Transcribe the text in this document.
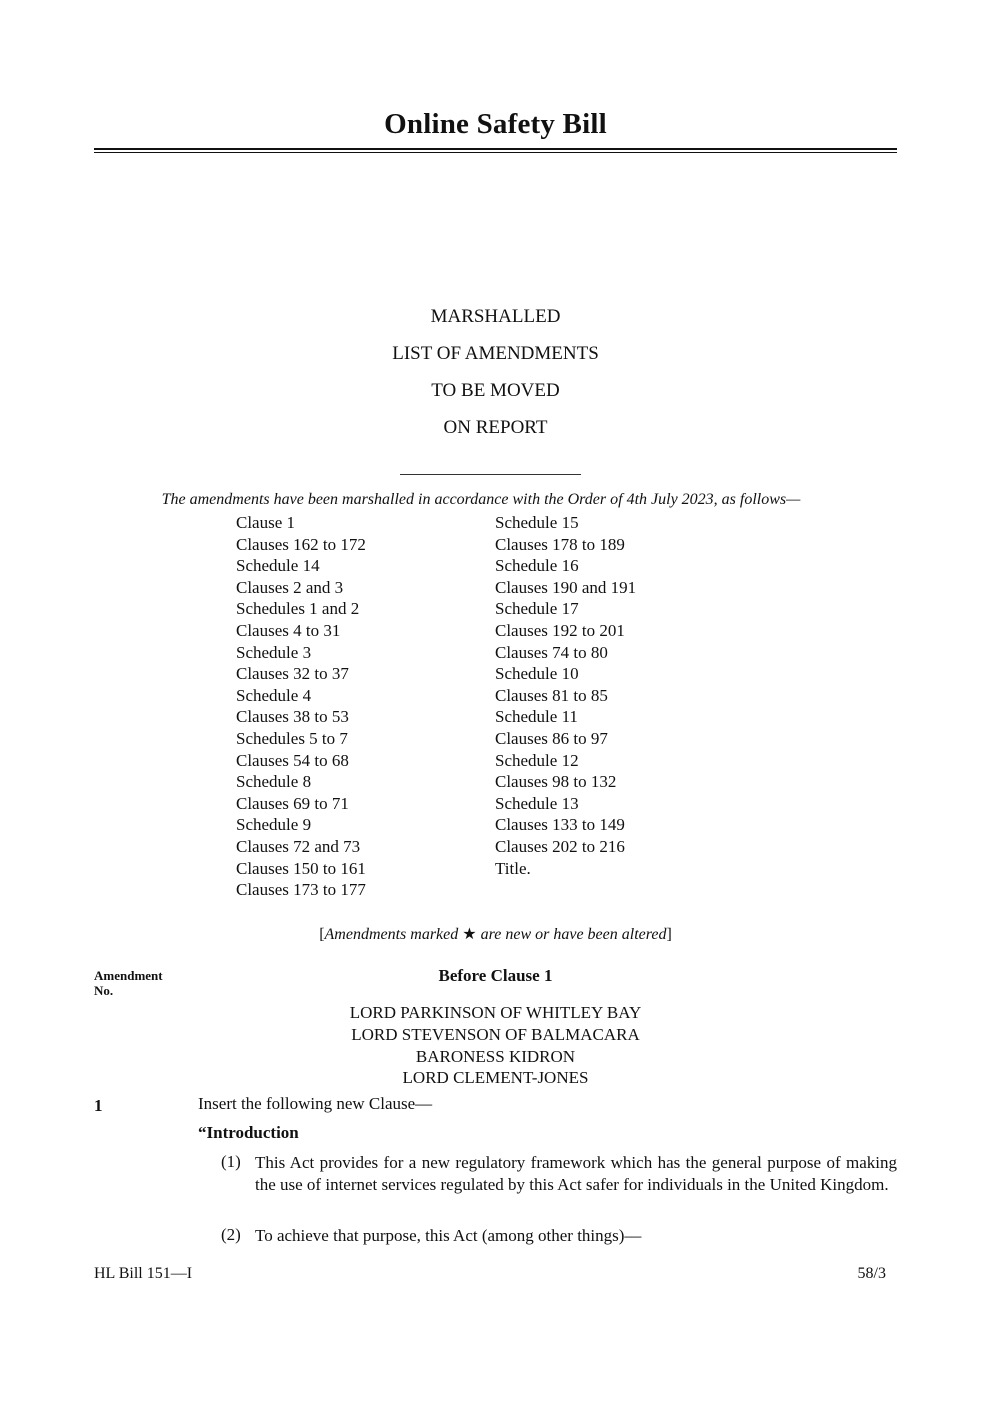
Online Safety Bill
MARSHALLED
LIST OF AMENDMENTS
TO BE MOVED
ON REPORT
The amendments have been marshalled in accordance with the Order of 4th July 2023, as follows—
Clause 1
Clauses 162 to 172
Schedule 14
Clauses 2 and 3
Schedules 1 and 2
Clauses 4 to 31
Schedule 3
Clauses 32 to 37
Schedule 4
Clauses 38 to 53
Schedules 5 to 7
Clauses 54 to 68
Schedule 8
Clauses 69 to 71
Schedule 9
Clauses 72 and 73
Clauses 150 to 161
Clauses 173 to 177
Schedule 15
Clauses 178 to 189
Schedule 16
Clauses 190 and 191
Schedule 17
Clauses 192 to 201
Clauses 74 to 80
Schedule 10
Clauses 81 to 85
Schedule 11
Clauses 86 to 97
Schedule 12
Clauses 98 to 132
Schedule 13
Clauses 133 to 149
Clauses 202 to 216
Title.
[Amendments marked ★ are new or have been altered]
Amendment
No.
Before Clause 1
LORD PARKINSON OF WHITLEY BAY
LORD STEVENSON OF BALMACARA
BARONESS KIDRON
LORD CLEMENT-JONES
1	Insert the following new Clause—
“Introduction
(1) This Act provides for a new regulatory framework which has the general purpose of making the use of internet services regulated by this Act safer for individuals in the United Kingdom.
(2) To achieve that purpose, this Act (among other things)—
HL Bill 151—I	58/3
